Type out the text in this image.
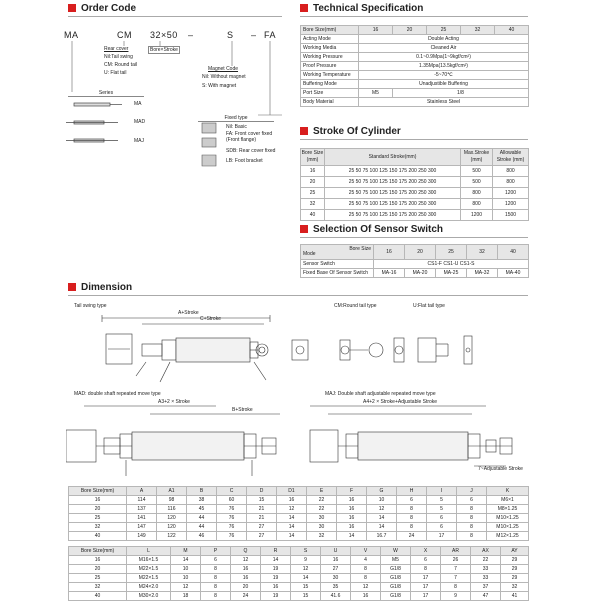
Order Code
MA	CM 32×50 –	S – FA
Rear cover
Nil:Tail swing
CM: Round tail
U: Flat tail
Bore×Stroke
Magnet Code
Nil: Without magnet
S: With magnet
Series
MA
MAD
MAJ
Fixed type
Nil: Basic
FA: Front cover fixed
(Front flange)
SDB: Rear cover fixed
LB: Foot bracket
Technical Specification
Bore Size(mm)	16	20	25	32	40
Acting Mode	Double Acting				
Working Media	Cleaned Air				
Working Pressure	0.1~0.9Mpa(1~9kgf/cm²)				
Proof Pressure	1.35Mpa(13.5kgf/cm²)				
Working Temperature	-5~70℃				
Buffering Mode	Unadjustible Buffering				
Port Size	M5	1/8			
Body Material	Stainless Steel				
Stroke Of Cylinder
Bore Size (mm)	Standard Stroke(mm)	Max.Stroke (mm)	Allowable Stroke (mm)
16	25 50 75 100 125 150 175 200 250 300	500	800
20	25 50 75 100 125 150 175 200 250 300	500	800
25	25 50 75 100 125 150 175 200 250 300	800	1200
32	25 50 75 100 125 150 175 200 250 300	800	1200
40	25 50 75 100 125 150 175 200 250 300	1200	1500
Selection Of Sensor Switch
Bore Size
Mode	16	20	25	32	40
Sensor Switch	CS1-F CS1-U CS1-S				
Fixed Base Of Sensor Switch	MA-16	MA-20	MA-25	MA-32	MA-40
Dimension
Tail swing type	CM:Round tail type	U:Flat tail type
MAD: double shaft repeated move type	MAJ: Double shaft adjustable repeated move type
A+Stroke
C+Stroke
A3+2 × Stroke
B+Stroke
A4+2 × Stroke+Adjustable Stroke
7~Adjustable Stroke
Bore Size(mm)	A	A1	B	C	D	D1	E	F	G	H	I	J	K
16	114	98	38	60	15	16	22	16	10	6	5	6	M6×1
20	137	116	45	76	21	12	22	16	12	8	5	8	M8×1.25
25	141	120	44	76	21	14	30	16	14	8	6	8	M10×1.25
32	147	120	44	76	27	14	30	16	14	8	6	8	M10×1.25
40	149	122	46	76	27	14	32	14	16.7	24	17	8	M12×1.25
Bore Size(mm)	L	M	P	Q	R	S	U	V	W	X	AR	AX	AY
16	M16×1.5	14	6	12	14	9	16	4	M5	6	26	22	29
20	M22×1.5	10	8	16	19	12	27	8	G1/8	8	7	33	29
25	M22×1.5	10	8	16	19	14	30	8	G1/8	17	7	33	29
32	M24×2.0	12	8	20	16	15	35	12	G1/8	17	8	37	32
40	M30×2.0	18	8	24	19	15	41.6	16	G1/8	17	9	47	41
